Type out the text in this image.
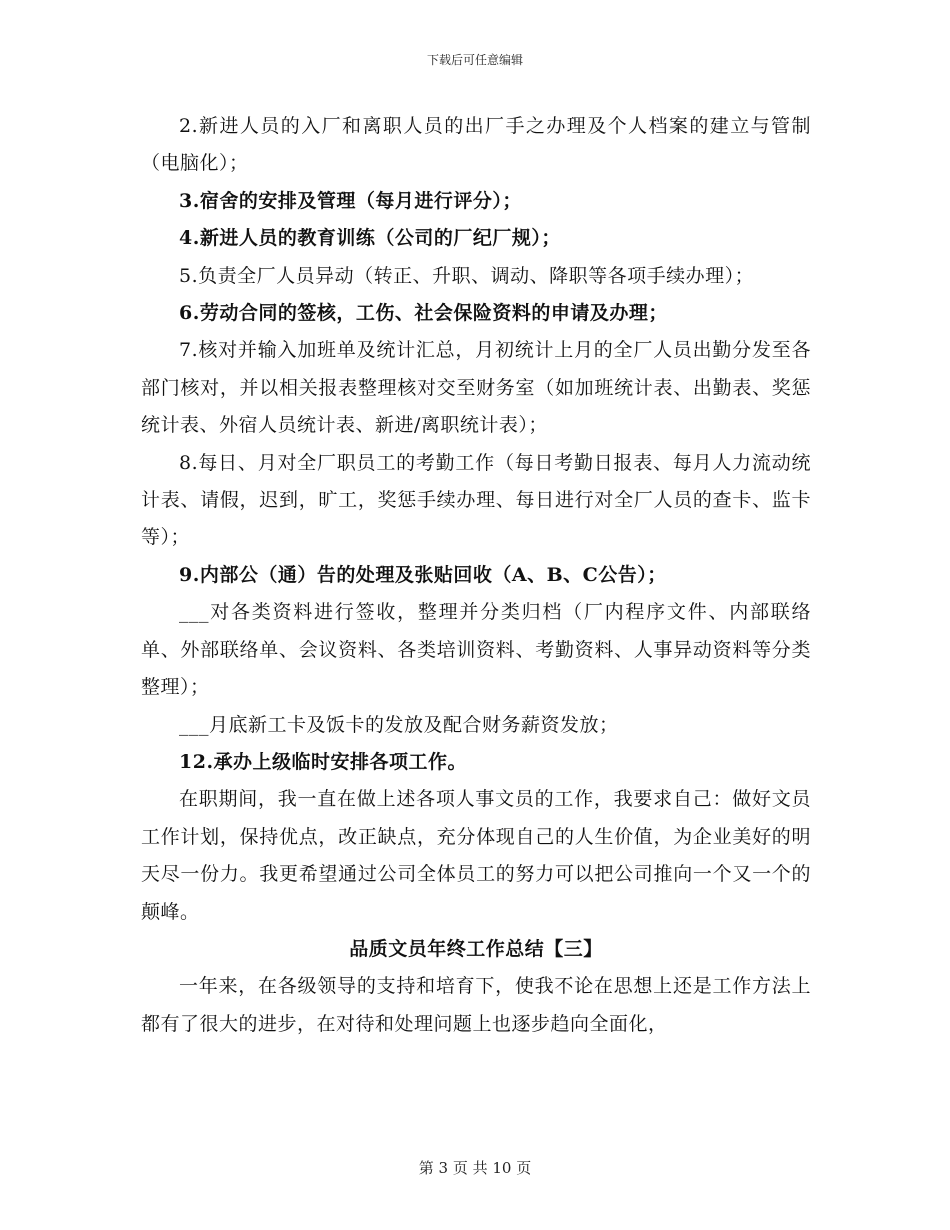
下载后可任意编辑

2.新进人员的入厂和离职人员的出厂手之办理及个人档案的建立与管制（电脑化）；

3.宿舍的安排及管理（每月进行评分）；

4.新进人员的教育训练（公司的厂纪厂规）；

5.负责全厂人员异动（转正、升职、调动、降职等各项手续办理）；

6.劳动合同的签核，工伤、社会保险资料的申请及办理；

7.核对并输入加班单及统计汇总，月初统计上月的全厂人员出勤分发至各部门核对，并以相关报表整理核对交至财务室（如加班统计表、出勤表、奖惩统计表、外宿人员统计表、新进/离职统计表）；

8.每日、月对全厂职员工的考勤工作（每日考勤日报表、每月人力流动统计表、请假，迟到，旷工，奖惩手续办理、每日进行对全厂人员的查卡、监卡等）；

9.内部公（通）告的处理及张贴回收（A、B、C公告）；

___对各类资料进行签收，整理并分类归档（厂内程序文件、内部联络单、外部联络单、会议资料、各类培训资料、考勤资料、人事异动资料等分类整理）；

___月底新工卡及饭卡的发放及配合财务薪资发放；

12.承办上级临时安排各项工作。

在职期间，我一直在做上述各项人事文员的工作，我要求自己：做好文员工作计划，保持优点，改正缺点，充分体现自己的人生价值，为企业美好的明天尽一份力。我更希望通过公司全体员工的努力可以把公司推向一个又一个的颠峰。

品质文员年终工作总结【三】

一年来，在各级领导的支持和培育下，使我不论在思想上还是工作方法上都有了很大的进步，在对待和处理问题上也逐步趋向全面化，

第 3 页 共 10 页
